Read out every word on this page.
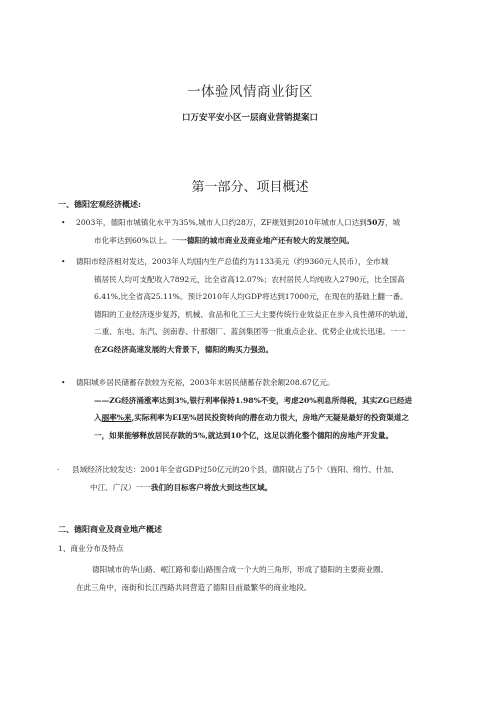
一体验风情商业街区
口万安平安小区一层商业营销提案口
第一部分、项目概述
一、德阳宏观经济概述:
• 2003年，德阳市城镇化水平为35%,城市人口约28万，ZF规划到2010年城市人口达到50万，城
市化率达到60%以上。一一德阳的城市商业及商业地产还有较大的发展空间。
• 德阳市经济相对发达，2003年人均国内生产总值约为1133美元（约9360元人民币），全市城
镇居民人均可支配收入7892元，比全省高12.07%；农村居民人均纯收入2790元，比全国高
6.41%,比全省高25.11%。预计2010年人均GDP将达到17000元，在现在的基础上翻一番。
德阳的工业经济逐步复苏，机械、食品和化工三大主要传统行业效益正在步入良性循环的轨道，
二重、东电、东汽、剑南春、什那烟厂、蓝剑集团等一批重点企业、优势企业成长迅速。一一
在ZG经济高速发展的大背景下，德阳的购买力强劲。
• 德阳城乡居民储蓄存款较为充裕，2003年末居民储蓄存款余额208.67亿元。
——ZG经济涌涨率达到3%,银行利率保持1.98%不变，考虑20%利息所得税，其实ZG已经进
入丽率%来,实际利率为EI巫%居民投资转向的潜在动力很大，房地产无疑是最好的投资渠道之
一，如果能够释放居民存款的5%,就达到10个亿，这足以消化整个德阳的房地产开发量。
· 县域经济比较发达：2001年全省GDP过50亿元的20个县，德阳就占了5个（旌阳、绵竹、什加、
中江、广汉）一一我们的目标客户将放大到这些区域。
二、德阳商业及商业地产概述
1、商业分布及特点
德阳城市的华山路、岷江路和泰山路围合成一个大的三角形，形成了德阳的主要商业圈。
在此三角中，南街和长江西路共同营造了德阳目前最繁华的商业地段。
